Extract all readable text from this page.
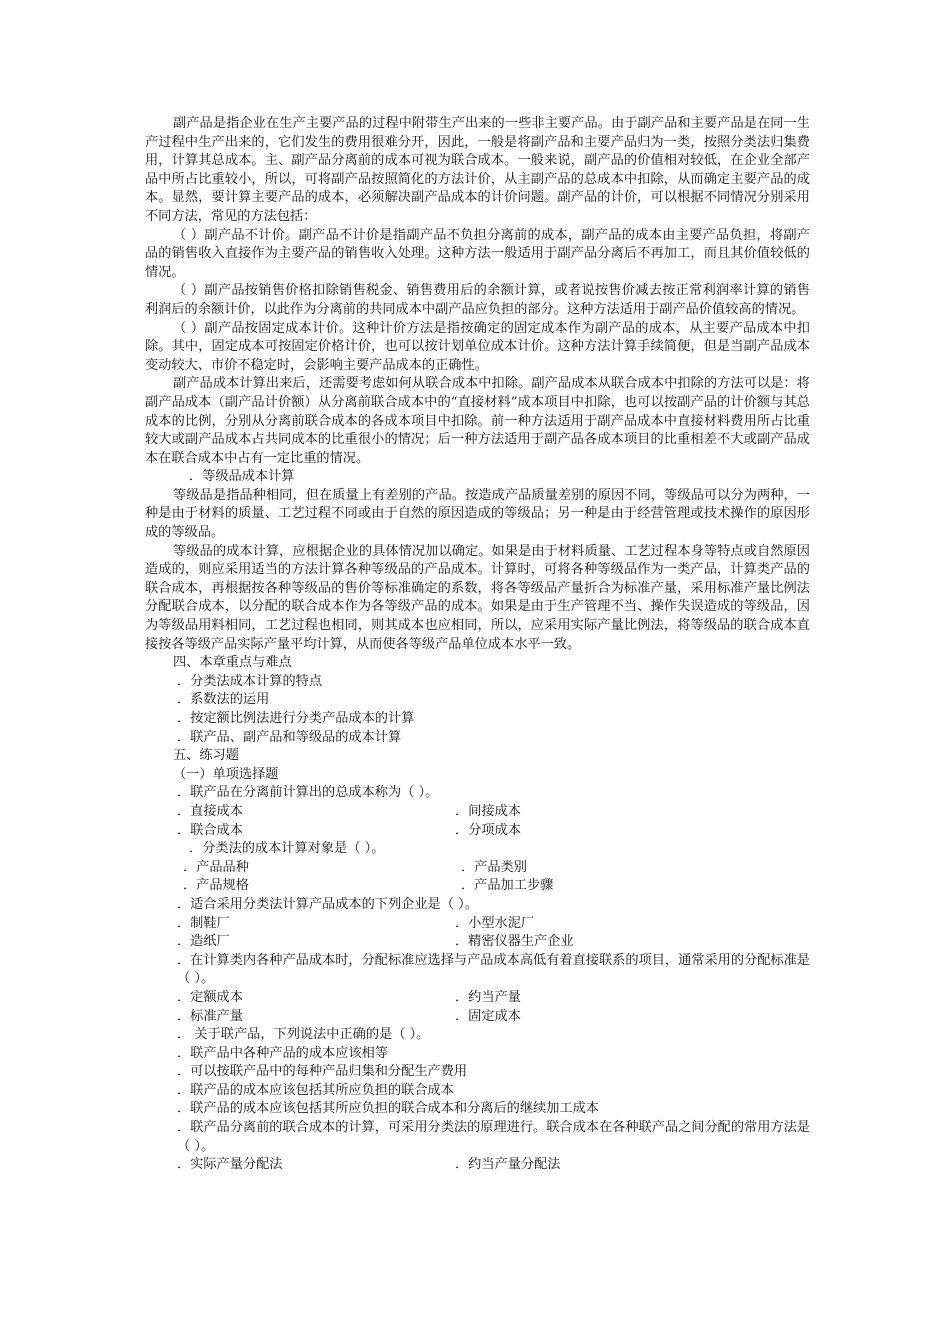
副产品是指企业在生产主要产品的过程中附带生产出来的一些非主要产品。由于副产品和主要产品是在同一生产过程中生产出来的，它们发生的费用很难分开，因此，一般是将副产品和主要产品归为一类，按照分类法归集费用，计算其总成本。主、副产品分离前的成本可视为联合成本。一般来说，副产品的价值相对较低，在企业全部产品中所占比重较小，所以，可将副产品按照简化的方法计价，从主副产品的总成本中扣除，从而确定主要产品的成本。显然，要计算主要产品的成本，必须解决副产品成本的计价问题。副产品的计价，可以根据不同情况分别采用不同方法，常见的方法包括：

（ ）副产品不计价。副产品不计价是指副产品不负担分离前的成本，副产品的成本由主要产品负担，将副产品的销售收入直接作为主要产品的销售收入处理。这种方法一般适用于副产品分离后不再加工，而且其价值较低的情况。

（ ）副产品按销售价格扣除销售税金、销售费用后的余额计算，或者说按售价减去按正常利润率计算的销售利润后的余额计价，以此作为分离前的共同成本中副产品应负担的部分。这种方法适用于副产品价值较高的情况。

（ ）副产品按固定成本计价。这种计价方法是指按确定的固定成本作为副产品的成本，从主要产品成本中扣除。其中，固定成本可按固定价格计价，也可以按计划单位成本计价。这种方法计算手续简便，但是当副产品成本变动较大、市价不稳定时，会影响主要产品成本的正确性。

副产品成本计算出来后，还需要考虑如何从联合成本中扣除。副产品成本从联合成本中扣除的方法可以是：将副产品成本（副产品计价额）从分离前联合成本中的“直接材料”成本项目中扣除，也可以按副产品的计价额与其总成本的比例，分别从分离前联合成本的各成本项目中扣除。前一种方法适用于副产品成本中直接材料费用所占比重较大或副产品成本占共同成本的比重很小的情况；后一种方法适用于副产品各成本项目的比重相差不大或副产品成本在联合成本中占有一定比重的情况。

．等级品成本计算

等级品是指品种相同，但在质量上有差别的产品。按造成产品质量差别的原因不同，等级品可以分为两种，一种是由于材料的质量、工艺过程不同或由于自然的原因造成的等级品；另一种是由于经营管理或技术操作的原因形成的等级品。

等级品的成本计算，应根据企业的具体情况加以确定。如果是由于材料质量、工艺过程本身等特点或自然原因造成的，则应采用适当的方法计算各种等级品的产品成本。计算时，可将各种等级品作为一类产品，计算类产品的联合成本，再根据按各种等级品的售价等标准确定的系数，将各等级品产量折合为标准产量，采用标准产量比例法分配联合成本，以分配的联合成本作为各等级产品的成本。如果是由于生产管理不当、操作失误造成的等级品，因为等级品用料相同，工艺过程也相同，则其成本也应相同，所以，应采用实际产量比例法，将等级品的联合成本直接按各等级产品实际产量平均计算，从而使各等级产品单位成本水平一致。

四、本章重点与难点
．分类法成本计算的特点
．系数法的运用
．按定额比例法进行分类产品成本的计算
．联产品、副产品和等级品的成本计算
五、练习题
（一）单项选择题
．联产品在分离前计算出的总成本称为（ ）。
．直接成本	．间接成本
．联合成本	．分项成本
．分类法的成本计算对象是（ ）。
．产品品种	．产品类别
．产品规格	．产品加工步骤
．适合采用分类法计算产品成本的下列企业是（ ）。
．制鞋厂	．小型水泥厂
．造纸厂	．精密仪器生产企业

．在计算类内各种产品成本时，分配标准应选择与产品成本高低有着直接联系的项目，通常采用的分配标准是（ ）。

．定额成本	．约当产量
．标准产量	．固定成本
． 关于联产品，下列说法中正确的是（ ）。
．联产品中各种产品的成本应该相等
．可以按联产品中的每种产品归集和分配生产费用
．联产品的成本应该包括其所应负担的联合成本
．联产品的成本应该包括其所应负担的联合成本和分离后的继续加工成本

．联产品分离前的联合成本的计算，可采用分类法的原理进行。联合成本在各种联产品之间分配的常用方法是（ ）。

．实际产量分配法	．约当产量分配法
